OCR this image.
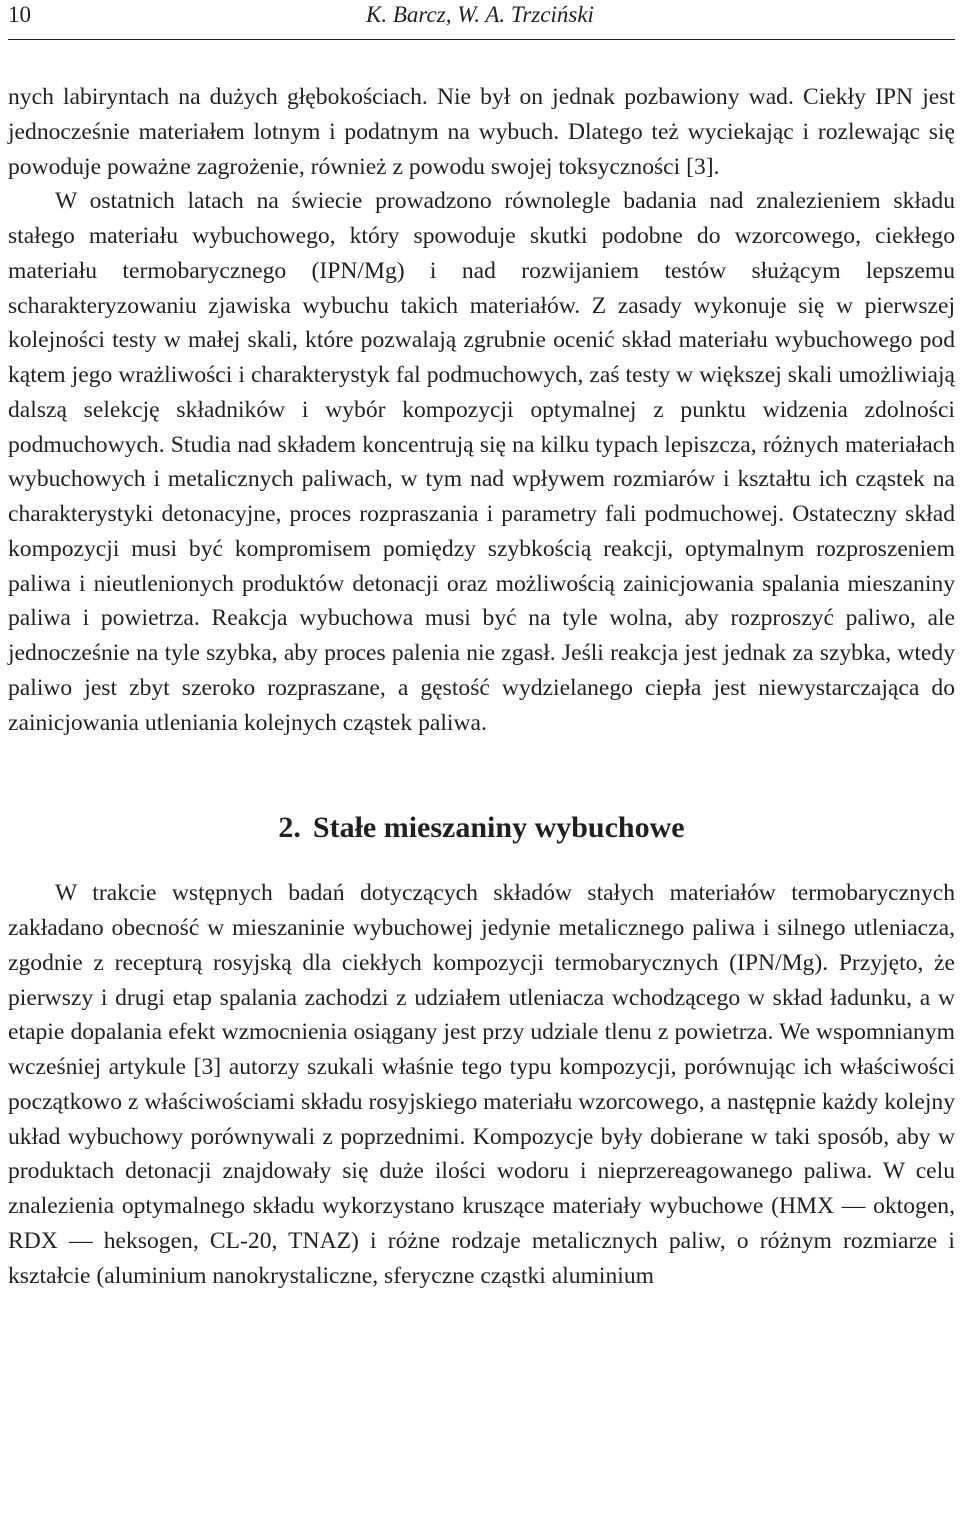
10	K. Barcz, W. A. Trzciński

nych labiryntach na dużych głębokościach. Nie był on jednak pozbawiony wad. Ciekły IPN jest jednocześnie materiałem lotnym i podatnym na wybuch. Dlatego też wyciekając i rozlewając się powoduje poważne zagrożenie, również z powodu swojej toksyczności [3].

W ostatnich latach na świecie prowadzono równolegle badania nad znalezieniem składu stałego materiału wybuchowego, który spowoduje skutki podobne do wzorcowego, ciekłego materiału termobarycznego (IPN/Mg) i nad rozwijaniem testów służącym lepszemu scharakteryzowaniu zjawiska wybuchu takich materiałów. Z zasady wykonuje się w pierwszej kolejności testy w małej skali, które pozwalają zgrubnie ocenić skład materiału wybuchowego pod kątem jego wrażliwości i charakterystyk fal podmuchowych, zaś testy w większej skali umożliwiają dalszą selekcję składników i wybór kompozycji optymalnej z punktu widzenia zdolności podmuchowych. Studia nad składem koncentrują się na kilku typach lepiszcza, różnych materiałach wybuchowych i metalicznych paliwach, w tym nad wpływem rozmiarów i kształtu ich cząstek na charakterystyki detonacyjne, proces rozpraszania i parametry fali podmuchowej. Ostateczny skład kompozycji musi być kompromisem pomiędzy szybkością reakcji, optymalnym rozproszeniem paliwa i nieutlenionych produktów detonacji oraz możliwością zainicjowania spalania mieszaniny paliwa i powietrza. Reakcja wybuchowa musi być na tyle wolna, aby rozproszyć paliwo, ale jednocześnie na tyle szybka, aby proces palenia nie zgasł. Jeśli reakcja jest jednak za szybka, wtedy paliwo jest zbyt szeroko rozpraszane, a gęstość wydzielanego ciepła jest niewystarczająca do zainicjowania utleniania kolejnych cząstek paliwa.

2. Stałe mieszaniny wybuchowe

W trakcie wstępnych badań dotyczących składów stałych materiałów termobarycznych zakładano obecność w mieszaninie wybuchowej jedynie metalicznego paliwa i silnego utleniacza, zgodnie z recepturą rosyjską dla ciekłych kompozycji termobarycznych (IPN/Mg). Przyjęto, że pierwszy i drugi etap spalania zachodzi z udziałem utleniacza wchodzącego w skład ładunku, a w etapie dopalania efekt wzmocnienia osiągany jest przy udziale tlenu z powietrza. We wspomnianym wcześniej artykule [3] autorzy szukali właśnie tego typu kompozycji, porównując ich właściwości początkowo z właściwościami składu rosyjskiego materiału wzorcowego, a następnie każdy kolejny układ wybuchowy porównywali z poprzednimi. Kompozycje były dobierane w taki sposób, aby w produktach detonacji znajdowały się duże ilości wodoru i nieprzereagowanego paliwa. W celu znalezienia optymalnego składu wykorzystano kruszące materiały wybuchowe (HMX — oktogen, RDX — heksogen, CL-20, TNAZ) i różne rodzaje metalicznych paliw, o różnym rozmiarze i kształcie (aluminium nanokrystaliczne, sferyczne cząstki aluminium
